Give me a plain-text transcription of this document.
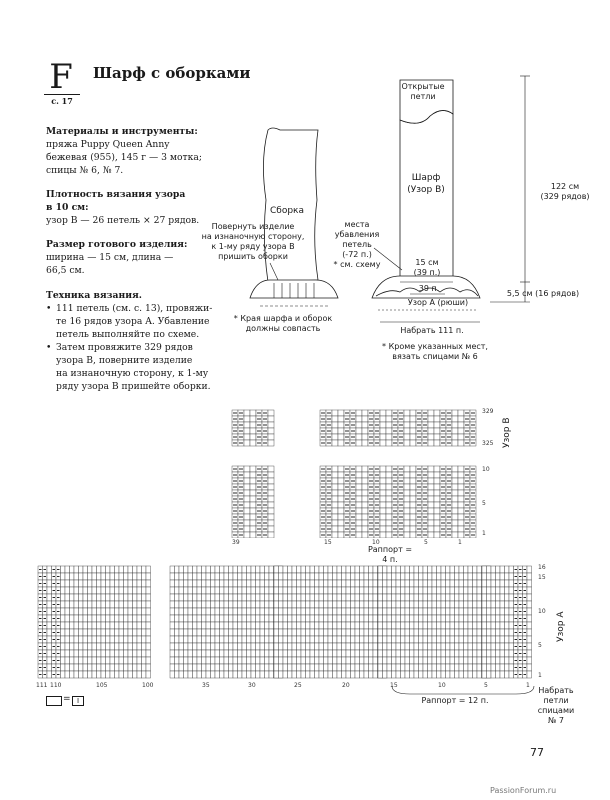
F
с. 17
Шарф с оборками

Материалы и инструменты:

пряжа Puppy Queen Anny

бежевая (955), 145 г — 3 мотка;

спицы № 6, № 7.

Плотность вязания узора

в 10 см:

узор B — 26 петель × 27 рядов.

Размер готового изделия:

ширина — 15 см, длина —

66,5 см.

Техника вязания.

• 111 петель (см. с. 13), провяжи-

те 16 рядов узора A. Убавление

петель выполняйте по схеме.

• Затем провяжите 329 рядов

узора B, поверните изделие

на изнаночную сторону, к 1-му

ряду узора B пришейте оборки.

Сборка
Повернуть изделие
на изнаночную сторону,
к 1-му ряду узора B
пришить оборки
* Края шарфа и оборок
должны совпасть
Открытые
петли
Шарф
(Узор B)	122 см
(329 рядов)
места
убавления
петель
(-72 п.)
* см. схему	15 см
(39 п.)
39 п.
Узор A (рюши)
5,5 см (16 рядов)
Набрать 111 п.
* Кроме указанных мест,
вязать спицами № 6
329
325
10
5
1
Узор B
39	15	10	5	1
Раппорт =
4 п.
16
15
10
5
1
Узор A
111 110	105	100	35	30	25	20	15	10	5	1
Раппорт = 12 п.
Набрать
петли
спицами
№ 7
= I
77
PassionForum.ru
